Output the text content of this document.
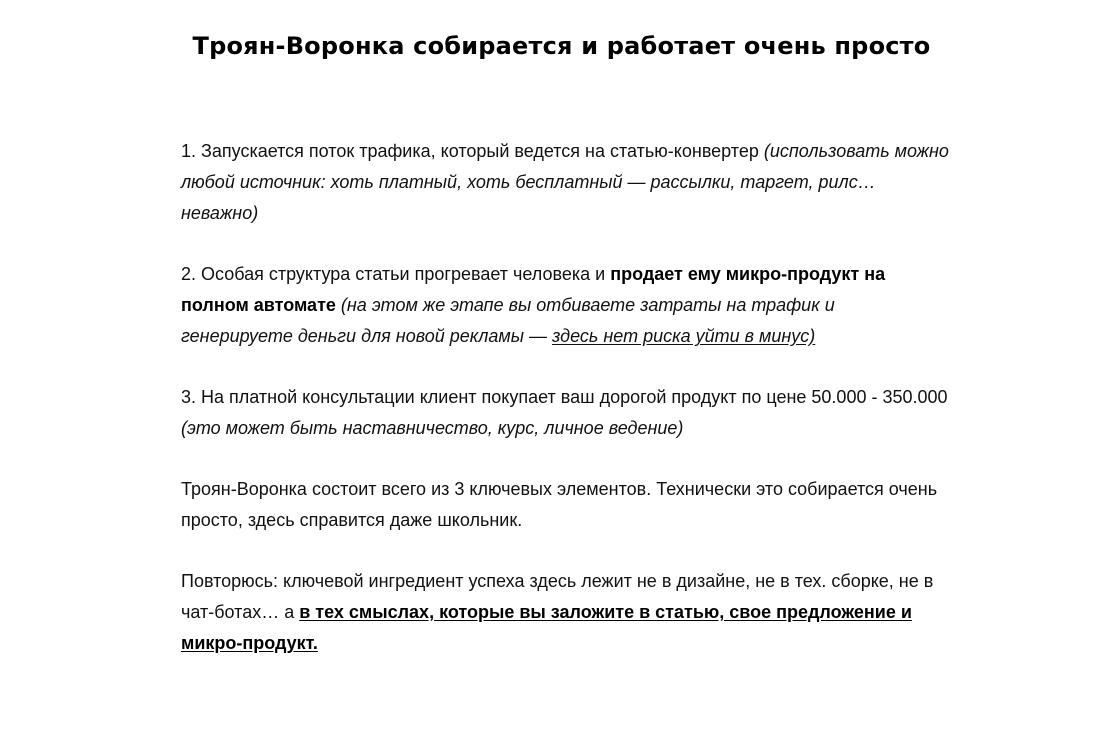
Троян-Воронка собирается и работает очень просто

1. Запускается поток трафика, который ведется на статью-конвертер (использовать можно любой источник: хоть платный, хоть бесплатный — рассылки, таргет, рилс… неважно)

2. Особая структура статьи прогревает человека и продает ему микро-продукт на полном автомате (на этом же этапе вы отбиваете затраты на трафик и генерируете деньги для новой рекламы — здесь нет риска уйти в минус)

3. На платной консультации клиент покупает ваш дорогой продукт по цене 50.000 - 350.000 (это может быть наставничество, курс, личное ведение)

Троян-Воронка состоит всего из 3 ключевых элементов. Технически это собирается очень просто, здесь справится даже школьник.

Повторюсь: ключевой ингредиент успеха здесь лежит не в дизайне, не в тех. сборке, не в чат-ботах… а в тех смыслах, которые вы заложите в статью, свое предложение и микро-продукт.
